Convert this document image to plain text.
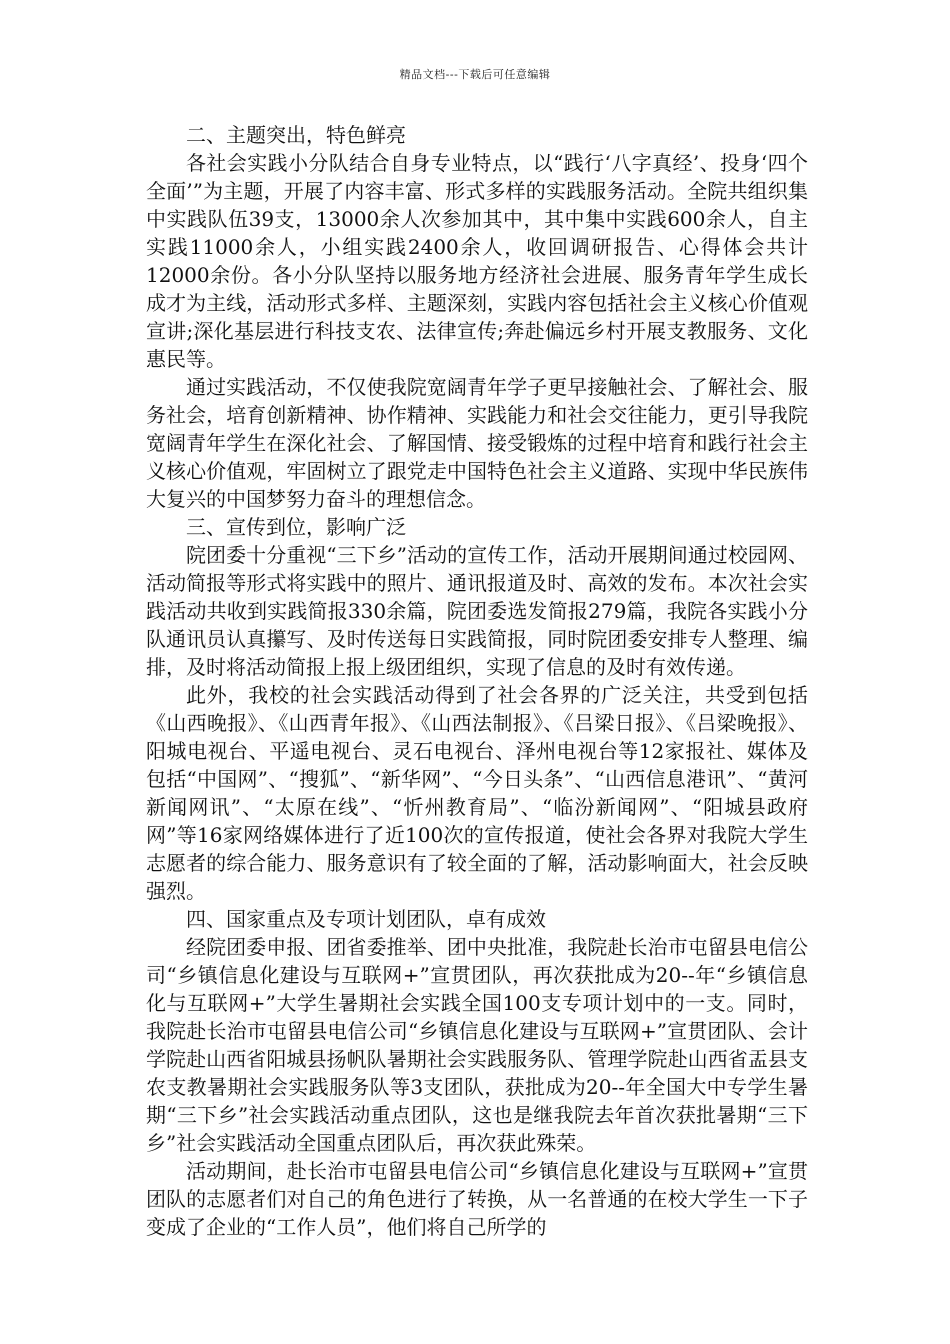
精品文档---下载后可任意编辑

二、主题突出，特色鲜亮

各社会实践小分队结合自身专业特点，以“践行‘八字真经’、投身‘四个全面’”为主题，开展了内容丰富、形式多样的实践服务活动。全院共组织集中实践队伍39支，13000余人次参加其中，其中集中实践600余人，自主实践11000余人，小组实践2400余人，收回调研报告、心得体会共计12000余份。各小分队坚持以服务地方经济社会进展、服务青年学生成长成才为主线，活动形式多样、主题深刻，实践内容包括社会主义核心价值观宣讲;深化基层进行科技支农、法律宣传;奔赴偏远乡村开展支教服务、文化惠民等。

通过实践活动，不仅使我院宽阔青年学子更早接触社会、了解社会、服务社会，培育创新精神、协作精神、实践能力和社会交往能力，更引导我院宽阔青年学生在深化社会、了解国情、接受锻炼的过程中培育和践行社会主义核心价值观，牢固树立了跟党走中国特色社会主义道路、实现中华民族伟大复兴的中国梦努力奋斗的理想信念。

三、宣传到位，影响广泛

院团委十分重视“三下乡”活动的宣传工作，活动开展期间通过校园网、活动简报等形式将实践中的照片、通讯报道及时、高效的发布。本次社会实践活动共收到实践简报330余篇，院团委选发简报279篇，我院各实践小分队通讯员认真攥写、及时传送每日实践简报，同时院团委安排专人整理、编排，及时将活动简报上报上级团组织，实现了信息的及时有效传递。

此外，我校的社会实践活动得到了社会各界的广泛关注，共受到包括《山西晚报》、《山西青年报》、《山西法制报》、《吕梁日报》、《吕梁晚报》、阳城电视台、平遥电视台、灵石电视台、泽州电视台等12家报社、媒体及包括“中国网”、“搜狐”、“新华网”、“今日头条”、“山西信息港讯”、“黄河新闻网讯”、“太原在线”、“忻州教育局”、“临汾新闻网”、“阳城县政府网”等16家网络媒体进行了近100次的宣传报道，使社会各界对我院大学生志愿者的综合能力、服务意识有了较全面的了解，活动影响面大，社会反映强烈。

四、国家重点及专项计划团队，卓有成效

经院团委申报、团省委推举、团中央批准，我院赴长治市屯留县电信公司“乡镇信息化建设与互联网+”宣贯团队，再次获批成为20--年“乡镇信息化与互联网+”大学生暑期社会实践全国100支专项计划中的一支。同时，我院赴长治市屯留县电信公司“乡镇信息化建设与互联网+”宣贯团队、会计学院赴山西省阳城县扬帆队暑期社会实践服务队、管理学院赴山西省盂县支农支教暑期社会实践服务队等3支团队，获批成为20--年全国大中专学生暑期“三下乡”社会实践活动重点团队，这也是继我院去年首次获批暑期“三下乡”社会实践活动全国重点团队后，再次获此殊荣。

活动期间，赴长治市屯留县电信公司“乡镇信息化建设与互联网+”宣贯团队的志愿者们对自己的角色进行了转换，从一名普通的在校大学生一下子变成了企业的“工作人员”，他们将自己所学的
